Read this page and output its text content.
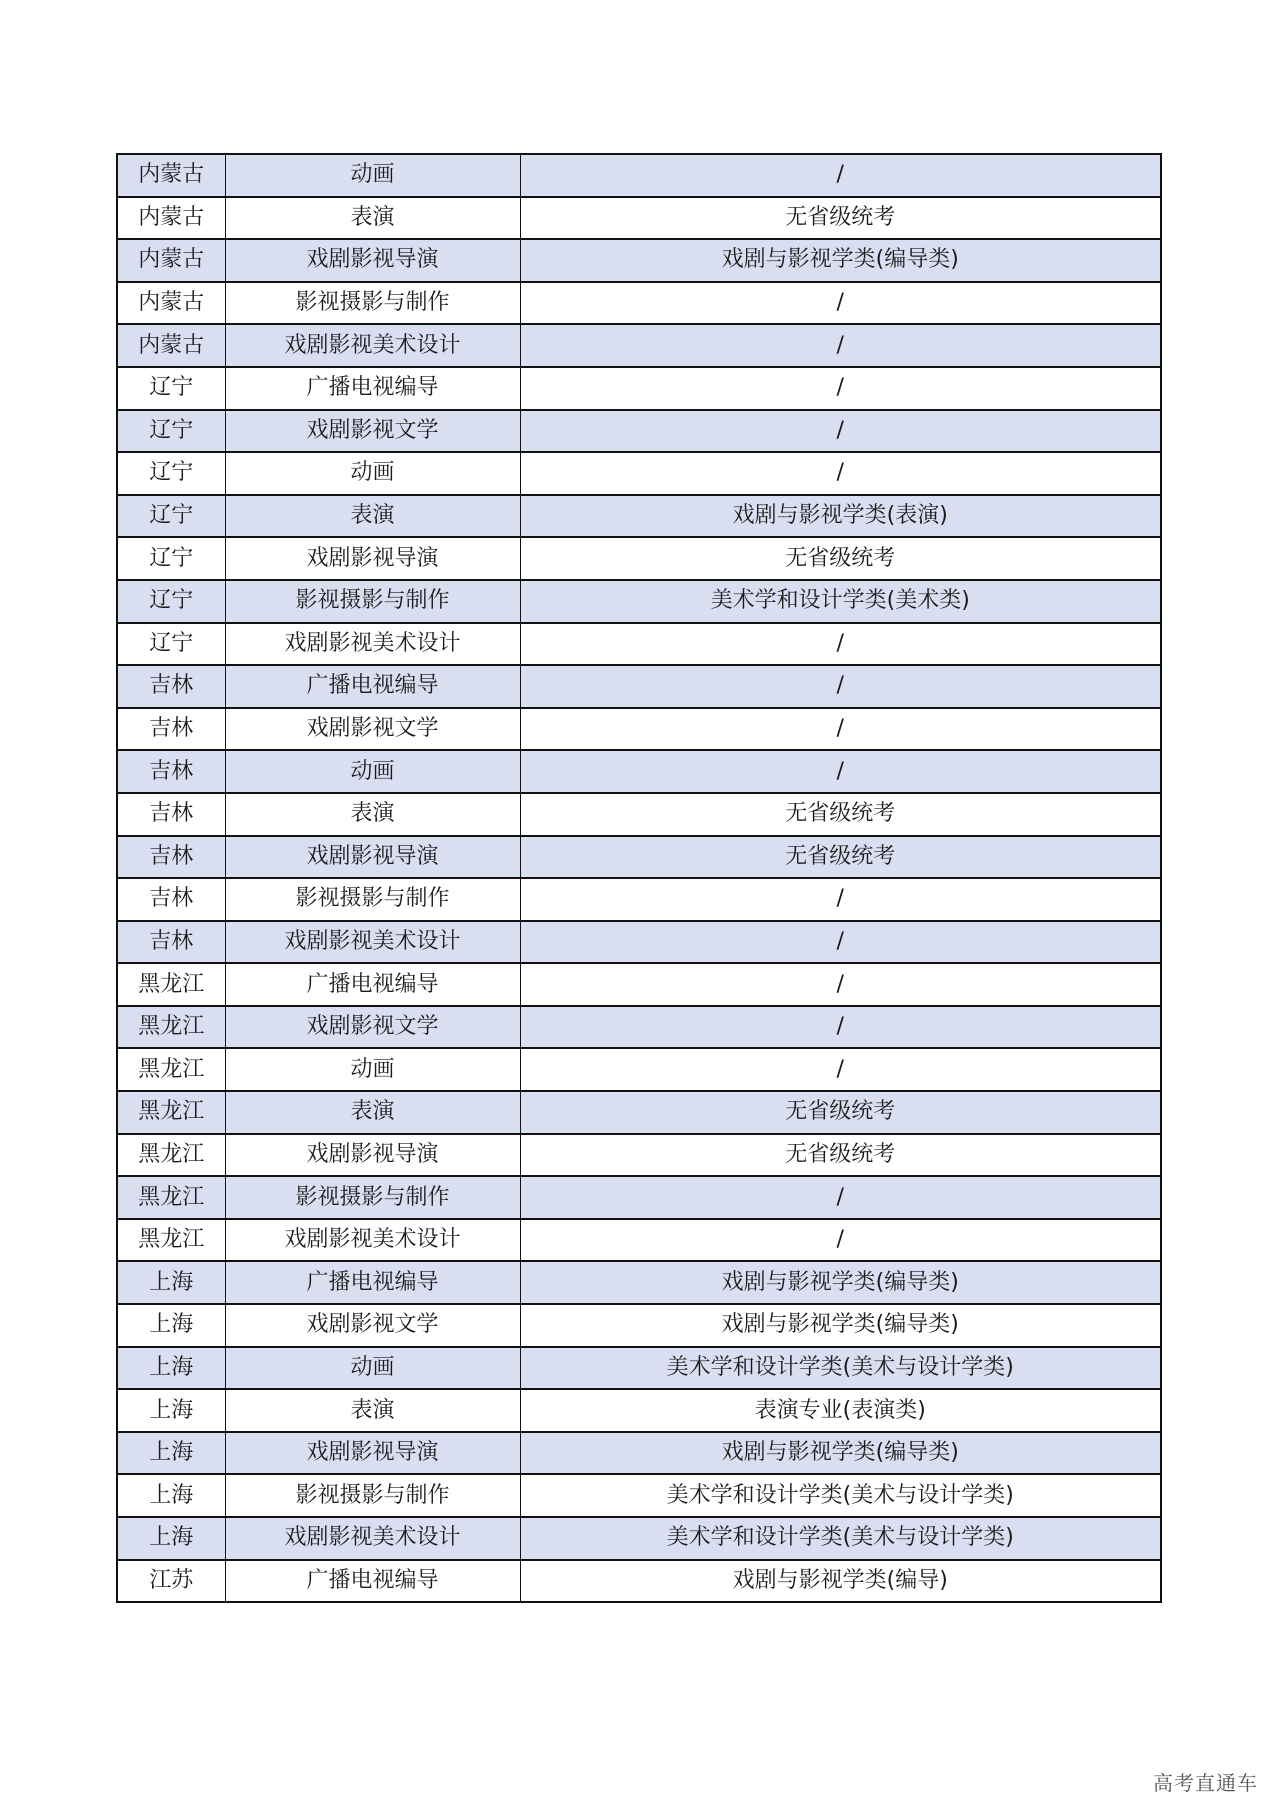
内蒙古	动画	/
内蒙古	表演	无省级统考
内蒙古	戏剧影视导演	戏剧与影视学类(编导类)
内蒙古	影视摄影与制作	/
内蒙古	戏剧影视美术设计	/
辽宁	广播电视编导	/
辽宁	戏剧影视文学	/
辽宁	动画	/
辽宁	表演	戏剧与影视学类(表演)
辽宁	戏剧影视导演	无省级统考
辽宁	影视摄影与制作	美术学和设计学类(美术类)
辽宁	戏剧影视美术设计	/
吉林	广播电视编导	/
吉林	戏剧影视文学	/
吉林	动画	/
吉林	表演	无省级统考
吉林	戏剧影视导演	无省级统考
吉林	影视摄影与制作	/
吉林	戏剧影视美术设计	/
黑龙江	广播电视编导	/
黑龙江	戏剧影视文学	/
黑龙江	动画	/
黑龙江	表演	无省级统考
黑龙江	戏剧影视导演	无省级统考
黑龙江	影视摄影与制作	/
黑龙江	戏剧影视美术设计	/
上海	广播电视编导	戏剧与影视学类(编导类)
上海	戏剧影视文学	戏剧与影视学类(编导类)
上海	动画	美术学和设计学类(美术与设计学类)
上海	表演	表演专业(表演类)
上海	戏剧影视导演	戏剧与影视学类(编导类)
上海	影视摄影与制作	美术学和设计学类(美术与设计学类)
上海	戏剧影视美术设计	美术学和设计学类(美术与设计学类)
江苏	广播电视编导	戏剧与影视学类(编导)
高考直通车
